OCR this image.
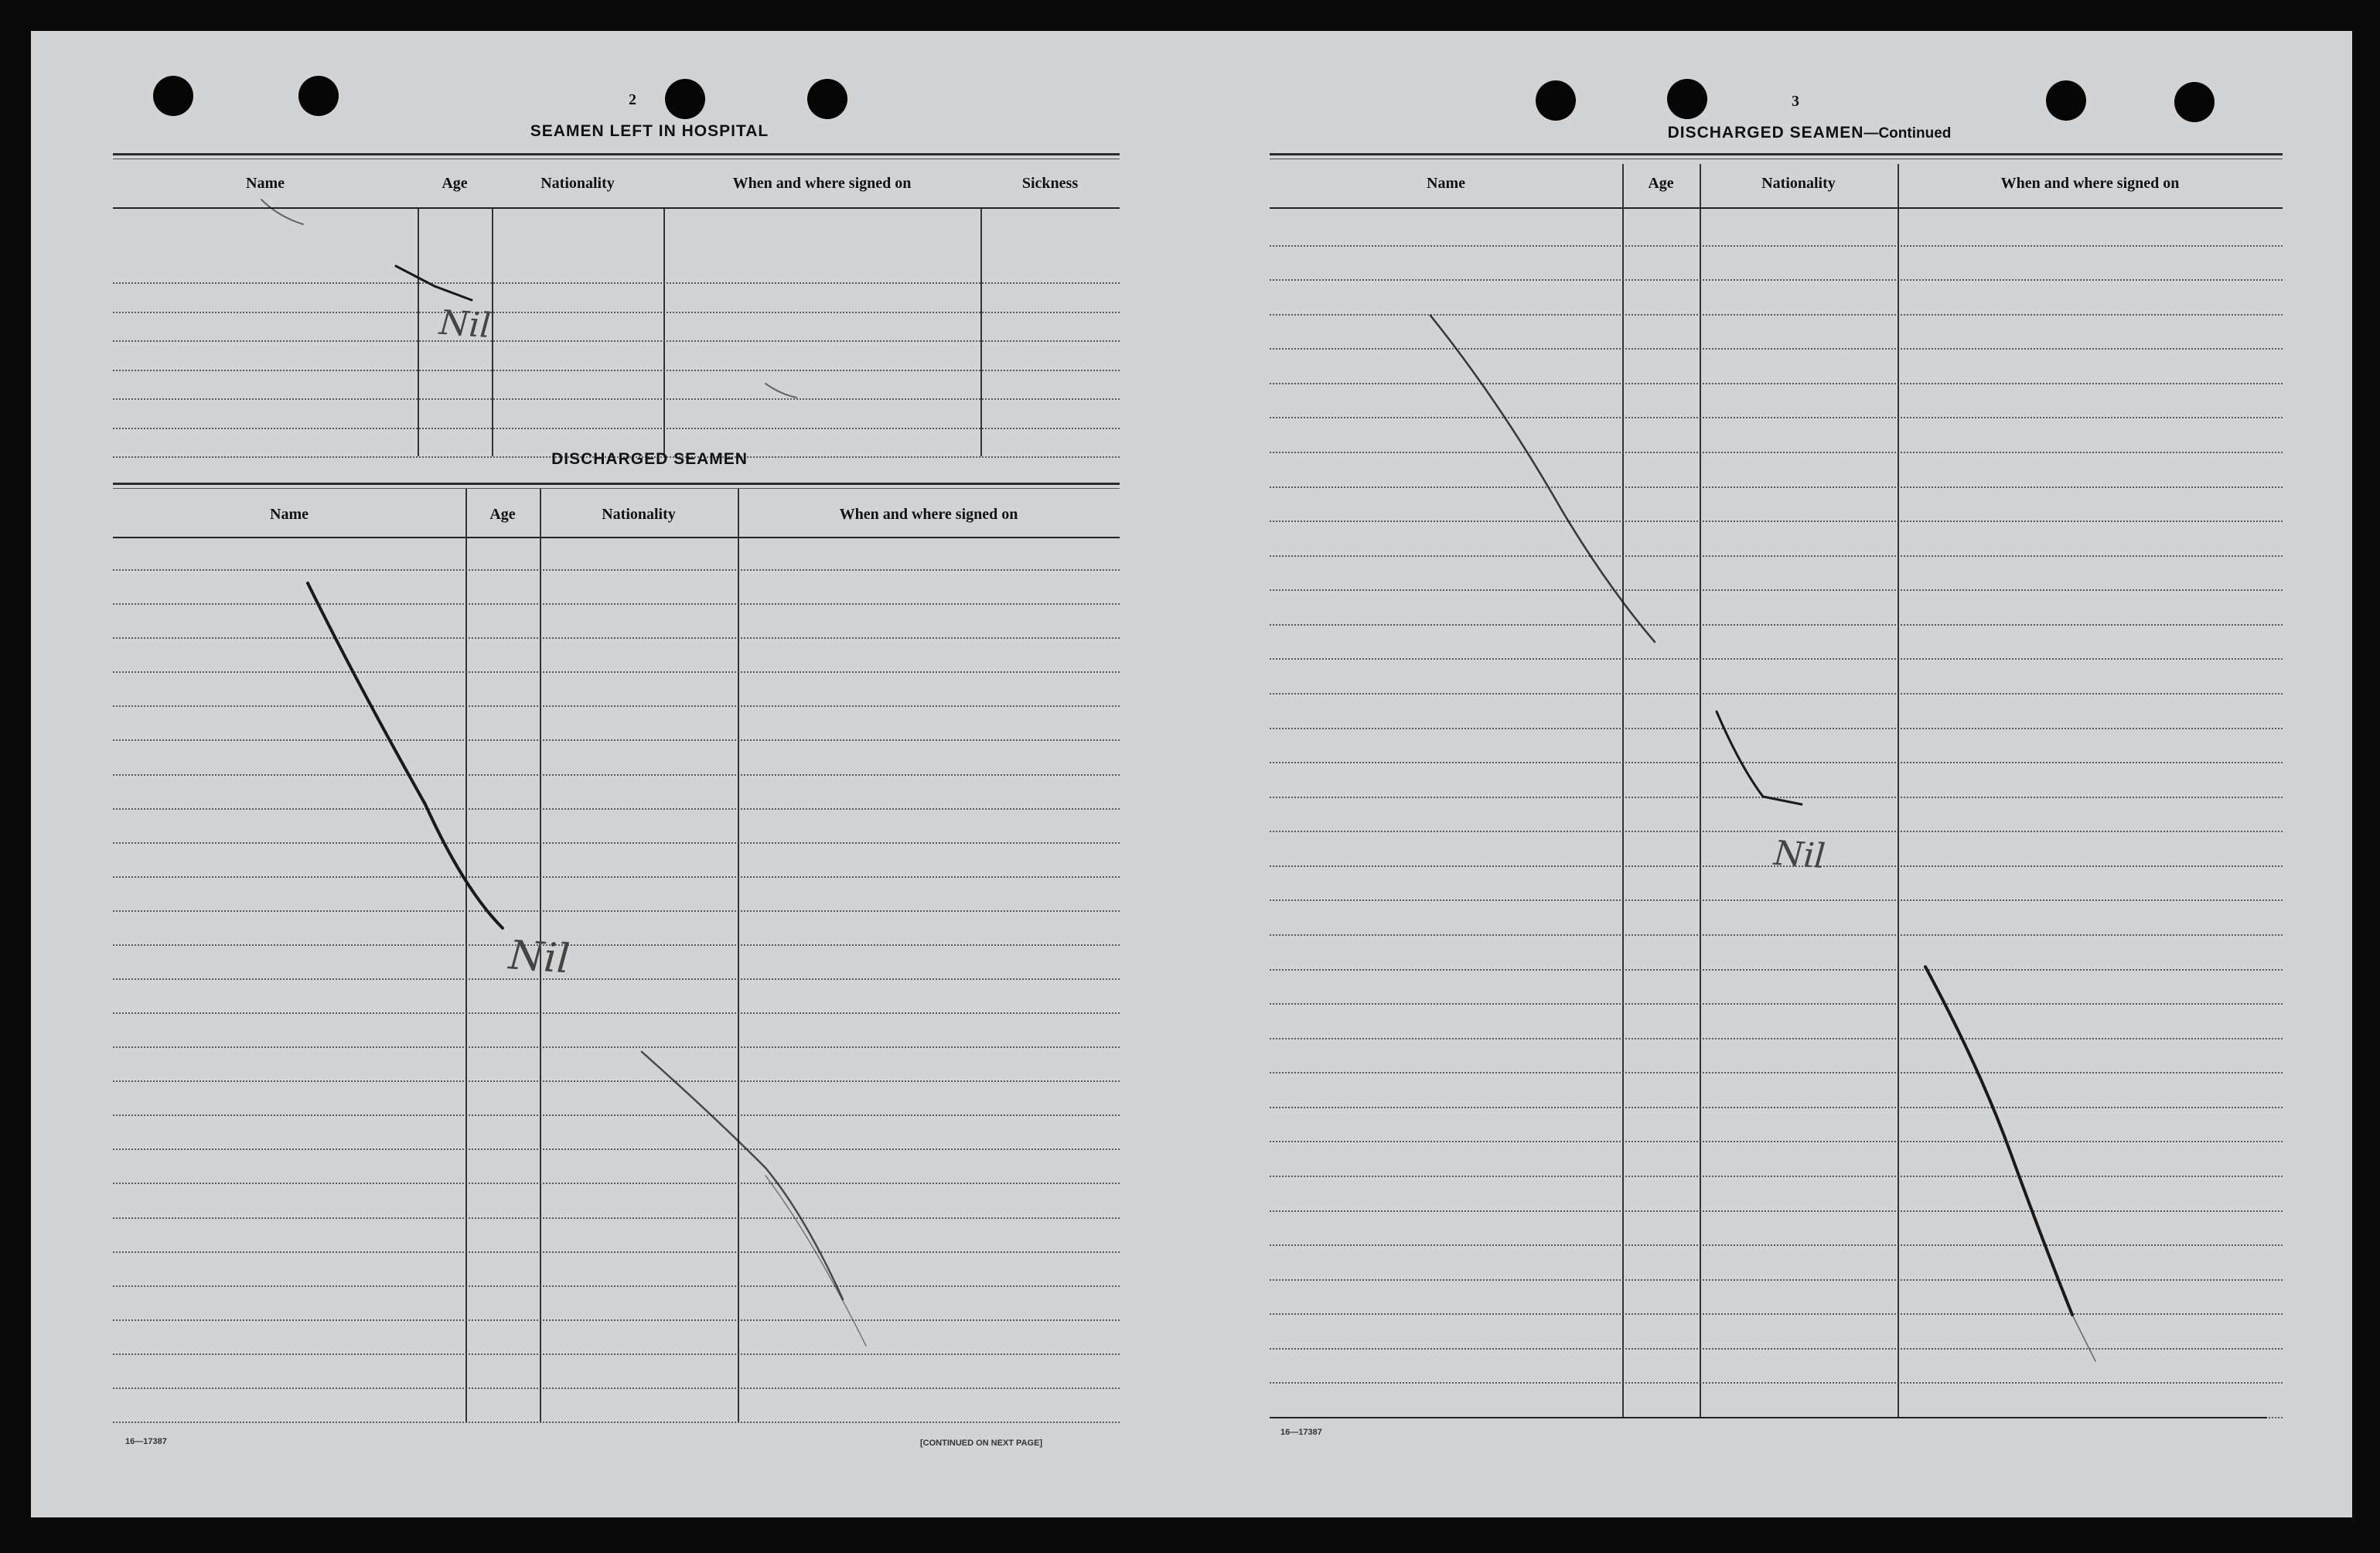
2
SEAMEN LEFT IN HOSPITAL
Name	Age	Nationality	When and where signed on	Sickness
DISCHARGED SEAMEN
Name	Age	Nationality	When and where signed on
16—17387	[CONTINUED ON NEXT PAGE]
3
DISCHARGED SEAMEN—Continued
Name	Age	Nationality	When and where signed on
16—17387
Nil
Nil
Nil
